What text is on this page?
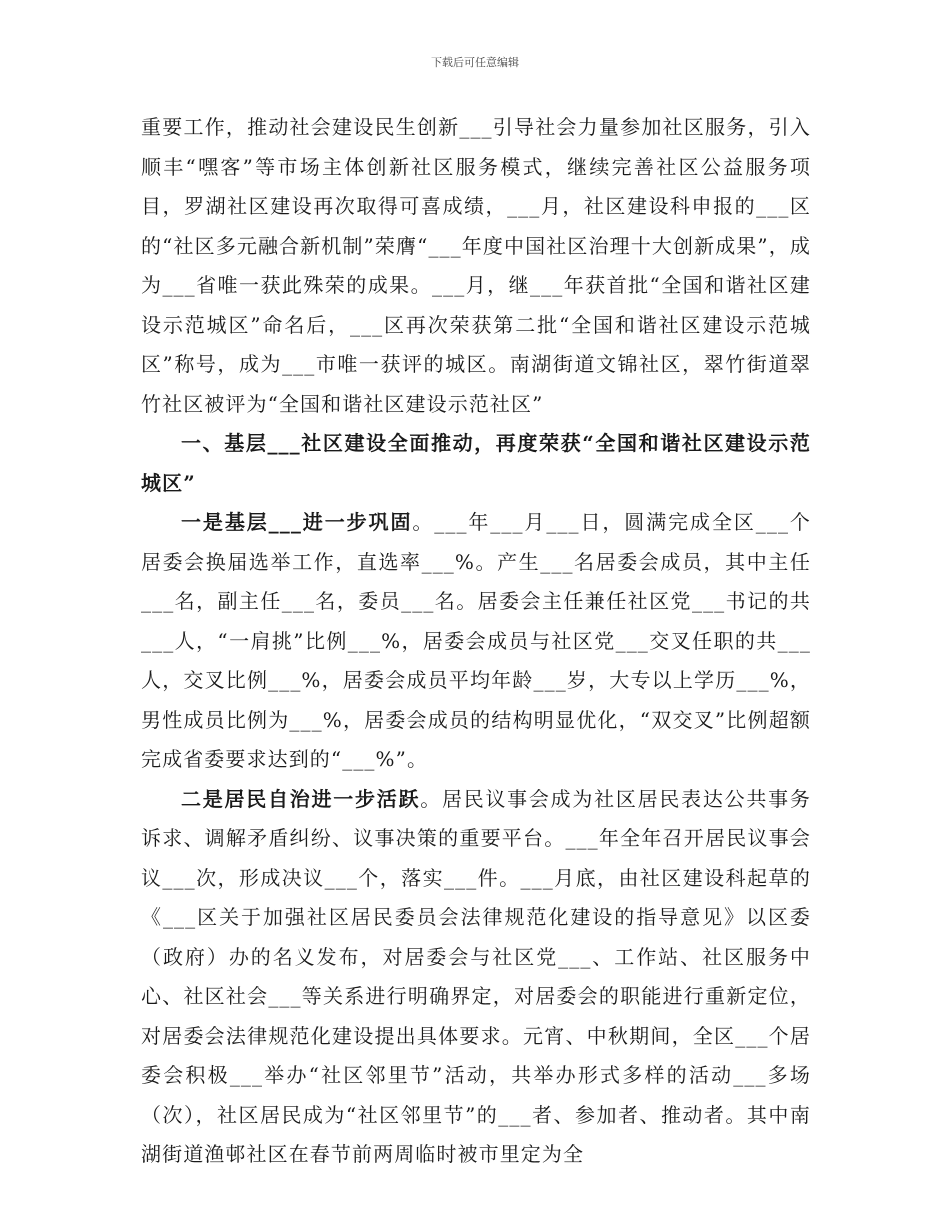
下载后可任意编辑

重要工作，推动社会建设民生创新___引导社会力量参加社区服务，引入顺丰“嘿客”等市场主体创新社区服务模式，继续完善社区公益服务项目，罗湖社区建设再次取得可喜成绩，___月，社区建设科申报的___区的“社区多元融合新机制”荣膺“___年度中国社区治理十大创新成果”，成为___省唯一获此殊荣的成果。___月，继___年获首批“全国和谐社区建设示范城区”命名后，___区再次荣获第二批“全国和谐社区建设示范城区”称号，成为___市唯一获评的城区。南湖街道文锦社区，翠竹街道翠竹社区被评为“全国和谐社区建设示范社区”

一、基层___社区建设全面推动，再度荣获“全国和谐社区建设示范城区”

一是基层___进一步巩固。___年___月___日，圆满完成全区___个居委会换届选举工作，直选率___%。产生___名居委会成员，其中主任___名，副主任___名，委员___名。居委会主任兼任社区党___书记的共___人，“一肩挑”比例___%，居委会成员与社区党___交叉任职的共___人，交叉比例___%，居委会成员平均年龄___岁，大专以上学历___%，男性成员比例为___%，居委会成员的结构明显优化，“双交叉”比例超额完成省委要求达到的“___%”。

二是居民自治进一步活跃。居民议事会成为社区居民表达公共事务诉求、调解矛盾纠纷、议事决策的重要平台。___年全年召开居民议事会议___次，形成决议___个，落实___件。___月底，由社区建设科起草的《___区关于加强社区居民委员会法律规范化建设的指导意见》以区委（政府）办的名义发布，对居委会与社区党___、工作站、社区服务中心、社区社会___等关系进行明确界定，对居委会的职能进行重新定位，对居委会法律规范化建设提出具体要求。元宵、中秋期间，全区___个居委会积极___举办“社区邻里节”活动，共举办形式多样的活动___多场（次），社区居民成为“社区邻里节”的___者、参加者、推动者。其中南湖街道渔邨社区在春节前两周临时被市里定为全
